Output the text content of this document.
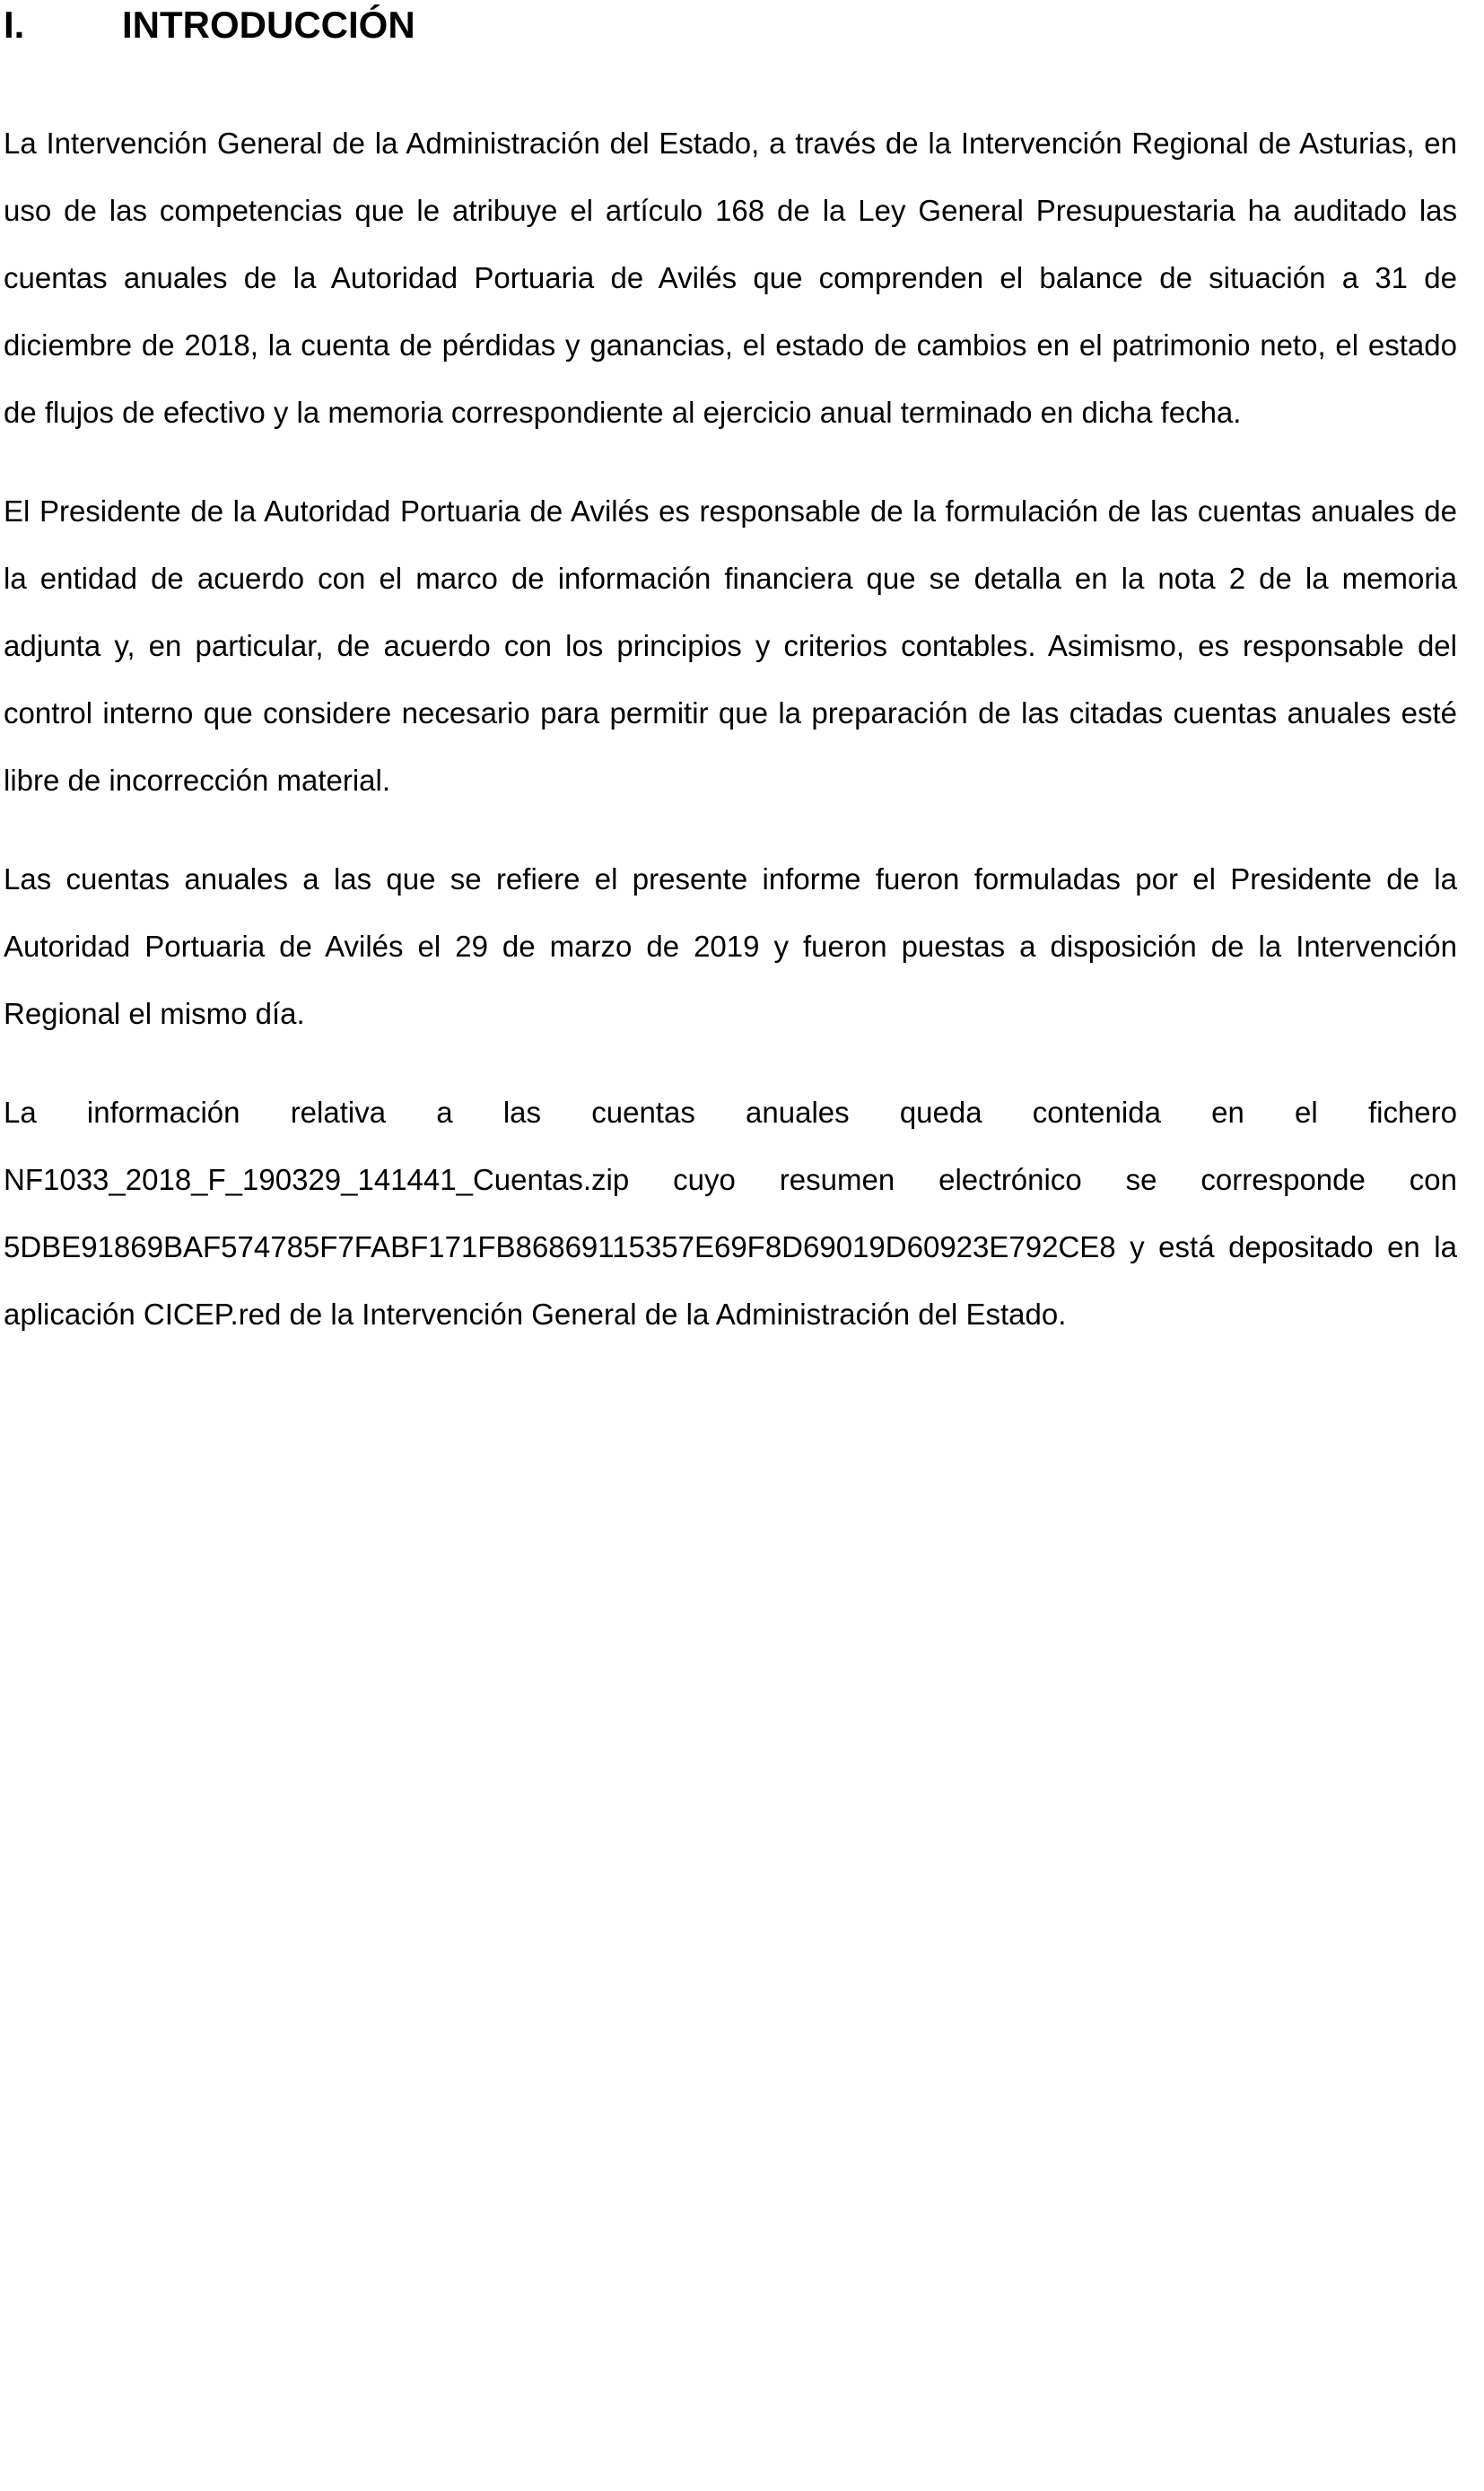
I.	INTRODUCCIÓN

La Intervención General de la Administración del Estado, a través de la Intervención Regional de Asturias, en uso de las competencias que le atribuye el artículo 168 de la Ley General Presupuestaria ha auditado las cuentas anuales de la Autoridad Portuaria de Avilés que comprenden el balance de situación a 31 de diciembre de 2018, la cuenta de pérdidas y ganancias, el estado de cambios en el patrimonio neto, el estado de flujos de efectivo y la memoria correspondiente al ejercicio anual terminado en dicha fecha.

El Presidente de la Autoridad Portuaria de Avilés es responsable de la formulación de las cuentas anuales de la entidad de acuerdo con el marco de información financiera que se detalla en la nota 2 de la memoria adjunta y, en particular, de acuerdo con los principios y criterios contables. Asimismo, es responsable del control interno que considere necesario para permitir que la preparación de las citadas cuentas anuales esté libre de incorrección material.

Las cuentas anuales a las que se refiere el presente informe fueron formuladas por el Presidente de la Autoridad Portuaria de Avilés el 29 de marzo de 2019 y fueron puestas a disposición de la Intervención Regional el mismo día.

La información relativa a las cuentas anuales queda contenida en el fichero NF1033_2018_F_190329_141441_Cuentas.zip cuyo resumen electrónico se corresponde con 5DBE91869BAF574785F7FABF171FB86869115357E69F8D69019D60923E792CE8 y está depositado en la aplicación CICEP.red de la Intervención General de la Administración del Estado.
